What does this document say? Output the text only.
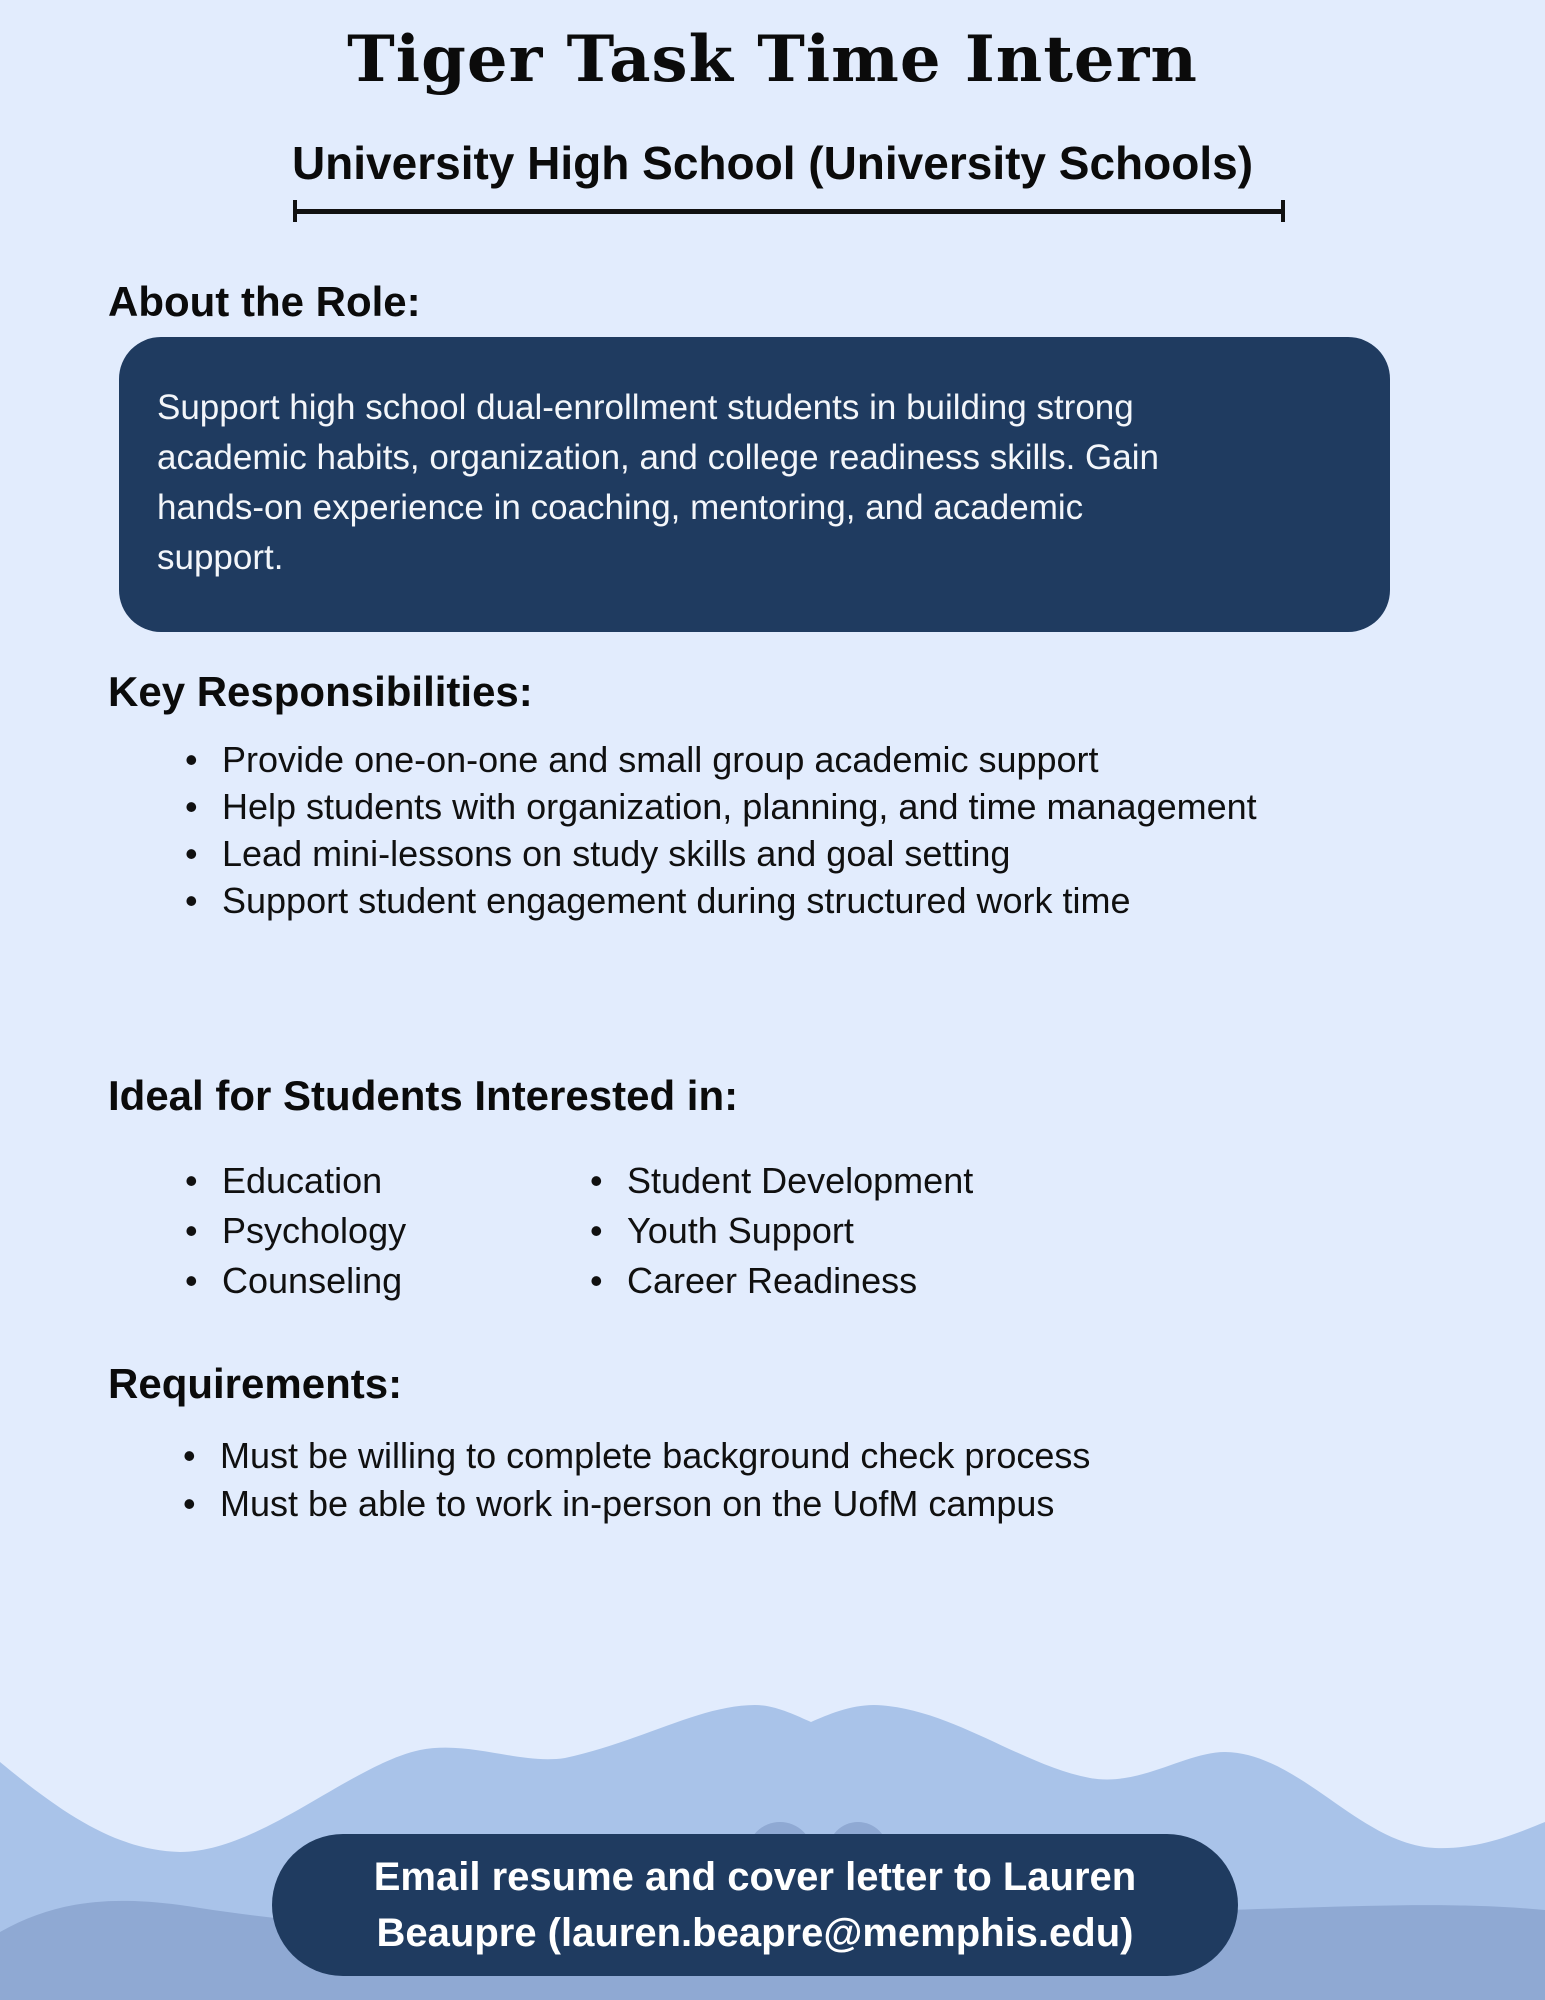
Tiger Task Time Intern
University High School (University Schools)
About the Role:
Support high school dual-enrollment students in building strong
academic habits, organization, and college readiness skills. Gain
hands-on experience in coaching, mentoring, and academic
support.
Key Responsibilities:
• Provide one-on-one and small group academic support
• Help students with organization, planning, and time management
• Lead mini-lessons on study skills and goal setting
• Support student engagement during structured work time
Ideal for Students Interested in:
• Education
• Psychology
• Counseling
• Student Development
• Youth Support
• Career Readiness
Requirements:
• Must be willing to complete background check process
• Must be able to work in-person on the UofM campus
Email resume and cover letter to Lauren
Beaupre (lauren.beapre@memphis.edu)
